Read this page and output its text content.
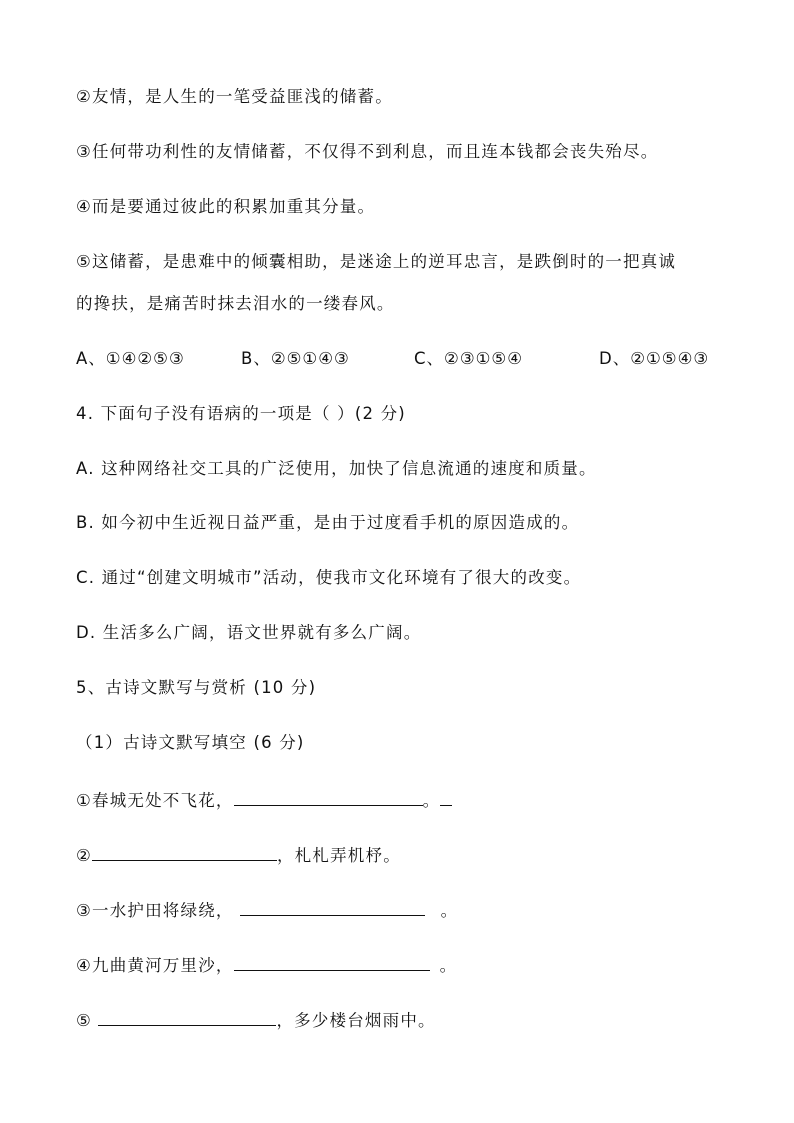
②友情，是人生的一笔受益匪浅的储蓄。
③任何带功利性的友情储蓄，不仅得不到利息，而且连本钱都会丧失殆尽。
④而是要通过彼此的积累加重其分量。
⑤这储蓄，是患难中的倾囊相助，是迷途上的逆耳忠言，是跌倒时的一把真诚
的搀扶，是痛苦时抹去泪水的一缕春风。
A、①④②⑤③	B、②⑤①④③	C、②③①⑤④	D、②①⑤④③
4. 下面句子没有语病的一项是（ ）(2 分)
A. 这种网络社交工具的广泛使用，加快了信息流通的速度和质量。
B. 如今初中生近视日益严重，是由于过度看手机的原因造成的。
C. 通过“创建文明城市”活动，使我市文化环境有了很大的改变。
D. 生活多么广阔，语文世界就有多么广阔。
5、古诗文默写与赏析 (10 分)
（1）古诗文默写填空 (6 分)
①春城无处不飞花，	。
②	，札札弄机杼。
③一水护田将绿绕，	。
④九曲黄河万里沙，	。
⑤	，多少楼台烟雨中。
